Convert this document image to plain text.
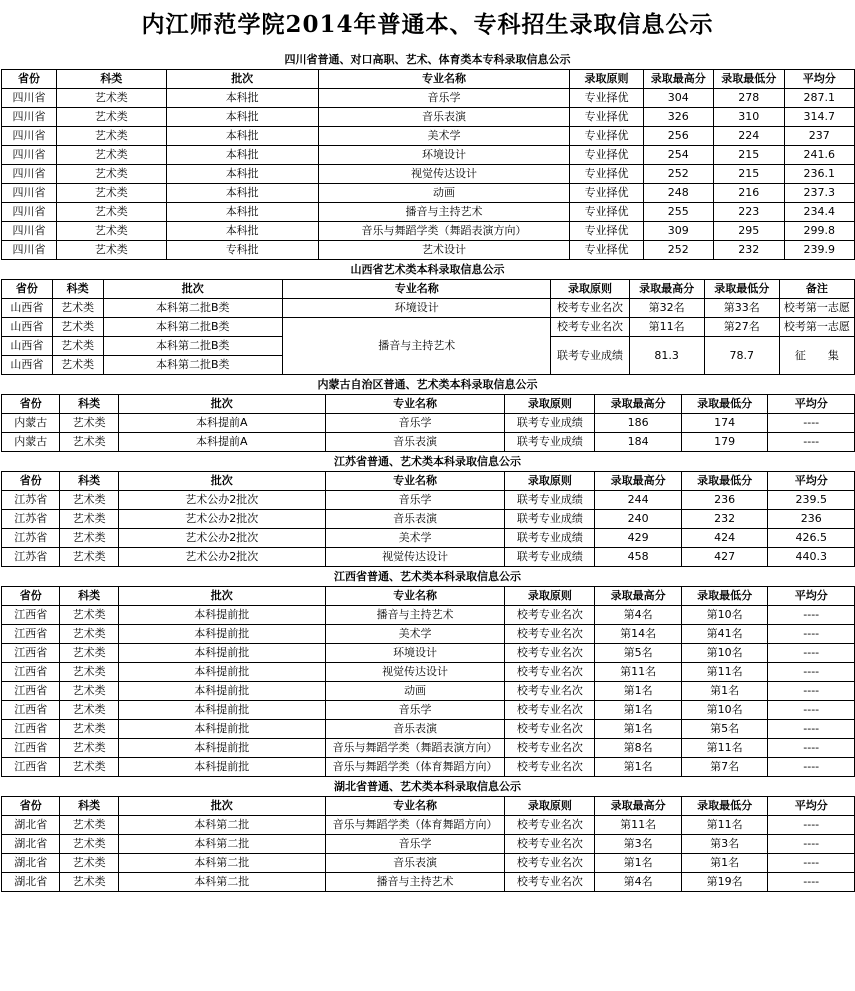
内江师范学院2014年普通本、专科招生录取信息公示
四川省普通、对口高职、艺术、体育类本专科录取信息公示
省份	科类	批次	专业名称	录取原则	录取最高分	录取最低分	平均分
四川省	艺术类	本科批	音乐学	专业择优	304	278	287.1
四川省	艺术类	本科批	音乐表演	专业择优	326	310	314.7
四川省	艺术类	本科批	美术学	专业择优	256	224	237
四川省	艺术类	本科批	环境设计	专业择优	254	215	241.6
四川省	艺术类	本科批	视觉传达设计	专业择优	252	215	236.1
四川省	艺术类	本科批	动画	专业择优	248	216	237.3
四川省	艺术类	本科批	播音与主持艺术	专业择优	255	223	234.4
四川省	艺术类	本科批	音乐与舞蹈学类（舞蹈表演方向）	专业择优	309	295	299.8
四川省	艺术类	专科批	艺术设计	专业择优	252	232	239.9
山西省艺术类本科录取信息公示
省份	科类	批次	专业名称	录取原则	录取最高分	录取最低分	备注
山西省	艺术类	本科第二批B类	环境设计	校考专业名次	第32名	第33名	校考第一志愿
山西省	艺术类	本科第二批B类	播音与主持艺术	校考专业名次	第11名	第27名	校考第一志愿
山西省	艺术类	本科第二批B类		联考专业成绩	81.3	78.7	征　　集
山西省	艺术类	本科第二批B类					
内蒙古自治区普通、艺术类本科录取信息公示
省份	科类	批次	专业名称	录取原则	录取最高分	录取最低分	平均分
内蒙古	艺术类	本科提前A	音乐学	联考专业成绩	186	174	----
内蒙古	艺术类	本科提前A	音乐表演	联考专业成绩	184	179	----
江苏省普通、艺术类本科录取信息公示
省份	科类	批次	专业名称	录取原则	录取最高分	录取最低分	平均分
江苏省	艺术类	艺术公办2批次	音乐学	联考专业成绩	244	236	239.5
江苏省	艺术类	艺术公办2批次	音乐表演	联考专业成绩	240	232	236
江苏省	艺术类	艺术公办2批次	美术学	联考专业成绩	429	424	426.5
江苏省	艺术类	艺术公办2批次	视觉传达设计	联考专业成绩	458	427	440.3
江西省普通、艺术类本科录取信息公示
省份	科类	批次	专业名称	录取原则	录取最高分	录取最低分	平均分
江西省	艺术类	本科提前批	播音与主持艺术	校考专业名次	第4名	第10名	----
江西省	艺术类	本科提前批	美术学	校考专业名次	第14名	第41名	----
江西省	艺术类	本科提前批	环境设计	校考专业名次	第5名	第10名	----
江西省	艺术类	本科提前批	视觉传达设计	校考专业名次	第11名	第11名	----
江西省	艺术类	本科提前批	动画	校考专业名次	第1名	第1名	----
江西省	艺术类	本科提前批	音乐学	校考专业名次	第1名	第10名	----
江西省	艺术类	本科提前批	音乐表演	校考专业名次	第1名	第5名	----
江西省	艺术类	本科提前批	音乐与舞蹈学类（舞蹈表演方向）	校考专业名次	第8名	第11名	----
江西省	艺术类	本科提前批	音乐与舞蹈学类（体育舞蹈方向）	校考专业名次	第1名	第7名	----
湖北省普通、艺术类本科录取信息公示
省份	科类	批次	专业名称	录取原则	录取最高分	录取最低分	平均分
湖北省	艺术类	本科第二批	音乐与舞蹈学类（体育舞蹈方向）	校考专业名次	第11名	第11名	----
湖北省	艺术类	本科第二批	音乐学	校考专业名次	第3名	第3名	----
湖北省	艺术类	本科第二批	音乐表演	校考专业名次	第1名	第1名	----
湖北省	艺术类	本科第二批	播音与主持艺术	校考专业名次	第4名	第19名	----
